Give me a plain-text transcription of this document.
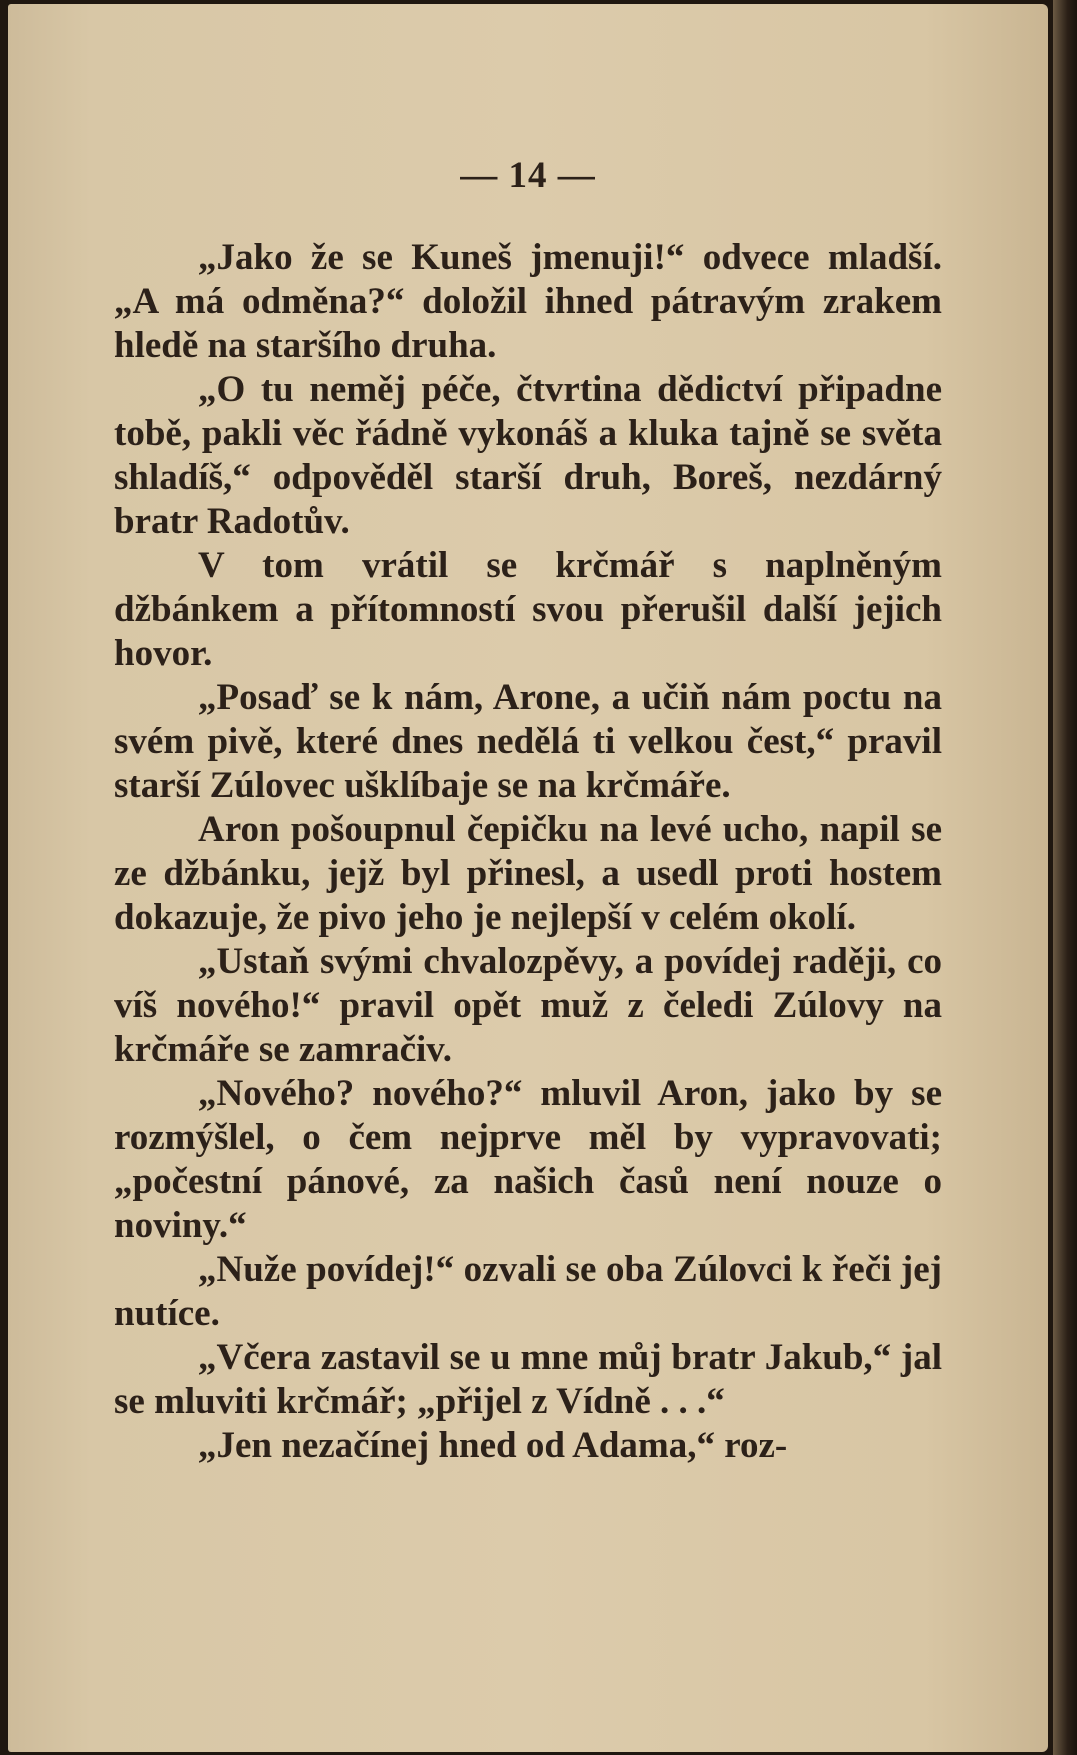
— 14 —

„Jako že se Kuneš jmenuji!“ odvece mladší. „A má odměna?“ doložil ihned pátravým zrakem hledě na staršího druha.

„O tu neměj péče, čtvrtina dědictví připadne tobě, pakli věc řádně vykonáš a kluka tajně se světa shladíš,“ odpověděl starší druh, Boreš, nezdárný bratr Radotův.

V tom vrátil se krčmář s naplněným džbánkem a přítomností svou přerušil další jejich hovor.

„Posaď se k nám, Arone, a učiň nám poctu na svém pivě, které dnes nedělá ti velkou čest,“ pravil starší Zúlovec ušklíbaje se na krčmáře.

Aron pošoupnul čepičku na levé ucho, napil se ze džbánku, jejž byl přinesl, a usedl proti hostem dokazuje, že pivo jeho je nejlepší v celém okolí.

„Ustaň svými chvalozpěvy, a povídej raději, co víš nového!“ pravil opět muž z čeledi Zúlovy na krčmáře se zamračiv.

„Nového? nového?“ mluvil Aron, jako by se rozmýšlel, o čem nejprve měl by vypravovati; „počestní pánové, za našich časů není nouze o noviny.“

„Nuže povídej!“ ozvali se oba Zúlovci k řeči jej nutíce.

„Včera zastavil se u mne můj bratr Jakub,“ jal se mluviti krčmář; „přijel z Vídně . . .“

„Jen nezačínej hned od Adama,“ roz-
